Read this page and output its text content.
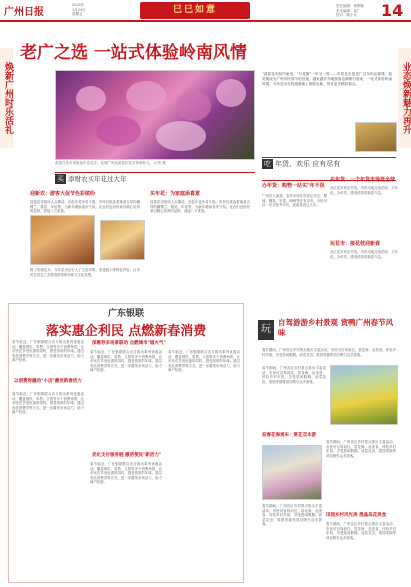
广州日报
2025年
1月24日
星期五	巳巳如意	责任编辑：黄柳蓉
美术编辑：邱广
校对：陈小兵	14
焕新广州时乐活礼	业态焕新魅力再升
老广之选 一站式体验岭南风情
游客在花市里挑选年宵花卉。花城广州迎新春的花市热闹非凡。 记者 摄
"迎春花市如约而至，"行花街"一年又一度……年宵花市是老广过年的必修课，逛花街成为广州市民春节的首选，越来越多外地游客也被吸引而来，一站式体验岭南风情。今年花市在传统基础上推陈出新，带来更多精彩看点。
吃 年货、欢乐 应有尽有
买 添财农买年花过大年
迎新农：游客大促节色彩缤纷	买年花：为家庭添喜意
迎春花市现场人头攒动，各色年花争奇斗艳。市民们挑选着寓意吉祥的蝴蝶兰、桃花、年桔等，为新年增添喜庆气氛。花农们也纷纷拿出精心培育的品种，迎接八方来客。
除了传统花卉，今年花市还引入了文创市集、非遗展示等特色内容，让市民在赏花之余感受浓浓的年味与文化氛围。
迎春花市现场人头攒动，各色年花争奇斗艳。市民们挑选着寓意吉祥的蝴蝶兰、桃花、年桔等，为新年增添喜庆气氛。花农们也纷纷拿出精心培育的品种，迎接八方来客。
办年货：购物一站买"年不误
广州各大商超、农贸市场年货供应充足，腊味、糖果、坚果、海鲜等应有尽有。市民可以一站式备齐年货，欢欢喜喜过大年。
买年货：一个年货市场逛全球
各区花市同步开放，市民可就近逛花街、买年花、办年货，感受浓浓的新春气息。
玩花市：接花枝迎新春
各区花市同步开放，市民可就近逛花街、买年花、办年货，感受浓浓的新春气息。
广东银联
落实惠企利民 点燃新春消费
春节临近，广东银联联合各方推出系列优惠活动，覆盖餐饮、零售、文旅等多个消费场景，让市民在享受优惠的同时，感受浓浓的年味。通过发放消费券等方式，进一步激发市场活力，助力商户经营。
以消费券撬动"小店"激发新春活力
春节临近，广东银联联合各方推出系列优惠活动，覆盖餐饮、零售、文旅等多个消费场景，让市民在享受优惠的同时，感受浓浓的年味。通过发放消费券等方式，进一步激发市场活力，助力商户经营。
深惠券多场景联动 点燃城市"烟火气"
春节临近，广东银联联合各方推出系列优惠活动，覆盖餐饮、零售、文旅等多个消费场景，让市民在享受优惠的同时，感受浓浓的年味。通过发放消费券等方式，进一步激发市场活力，助力商户经营。
优化支付服务链 激活便民"新活力"
春节临近，广东银联联合各方推出系列优惠活动，覆盖餐饮、零售、文旅等多个消费场景，让市民在享受优惠的同时，感受浓浓的年味。通过发放消费券等方式，进一步激发市场活力，助力商户经营。
春节临近，广东银联联合各方推出系列优惠活动，覆盖餐饮、零售、文旅等多个消费场景，让市民在享受优惠的同时，感受浓浓的年味。通过发放消费券等方式，进一步激发市场活力，助力商户经营。
玩
自驾游游乡村景观 赏鸭广州春节风味
春节期间，广州各区乡村景点推出丰富活动，市民可自驾前往，赏花海、品美食、体验乡村年俗，享受悠闲假期。油菜花田、果园采摘等项目吸引众多游客。
春节期间，广州各区乡村景点推出丰富活动，市民可自驾前往，赏花海、品美食、体验乡村年俗，享受悠闲假期。油菜花田、果园采摘等项目吸引众多游客。
迎春花海观车：赏花双本游
春节期间，广州各区乡村景点推出丰富活动，市民可自驾前往，赏花海、品美食、体验乡村年俗，享受悠闲假期。油菜花田、果园采摘等项目吸引众多游客。
田园乡村风光美 渔晶岛花美食
春节期间，广州各区乡村景点推出丰富活动，市民可自驾前往，赏花海、品美食、体验乡村年俗，享受悠闲假期。油菜花田、果园采摘等项目吸引众多游客。	春节期间，广州各区乡村景点推出丰富活动，市民可自驾前往，赏花海、品美食、体验乡村年俗，享受悠闲假期。油菜花田、果园采摘等项目吸引众多游客。
